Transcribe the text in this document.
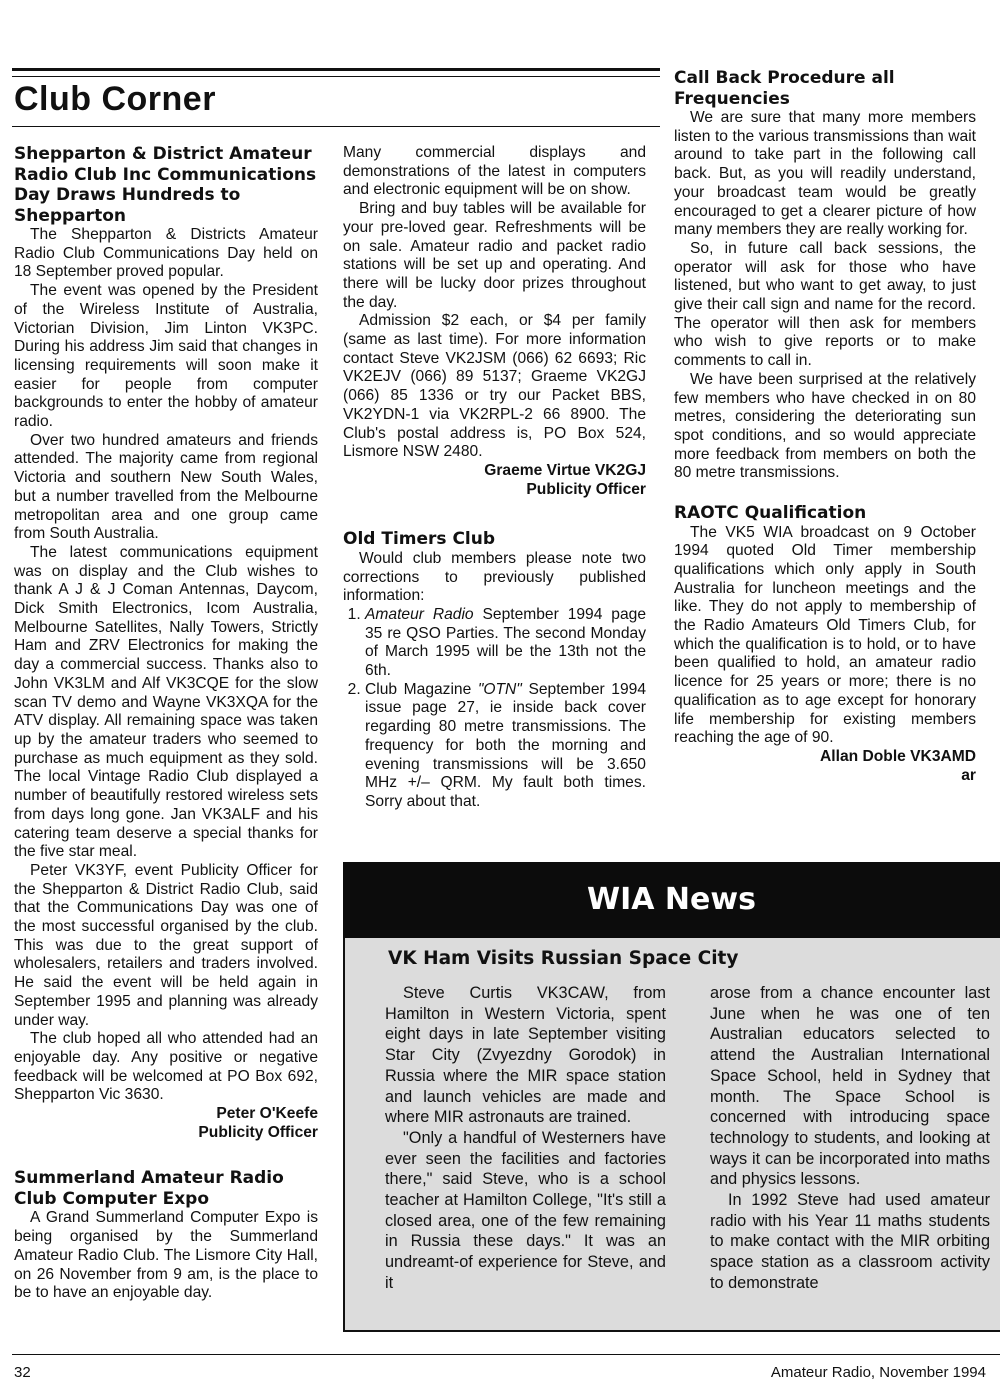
Club Corner
Shepparton & District Amateur Radio Club Inc Communications Day Draws Hundreds to Shepparton

The Shepparton & Districts Amateur Radio Club Communications Day held on 18 September proved popular.

The event was opened by the President of the Wireless Institute of Australia, Victorian Division, Jim Linton VK3PC. During his address Jim said that changes in licensing requirements will soon make it easier for people from computer backgrounds to enter the hobby of amateur radio.

Over two hundred amateurs and friends attended. The majority came from regional Victoria and southern New South Wales, but a number travelled from the Melbourne metropolitan area and one group came from South Australia.

The latest communications equipment was on display and the Club wishes to thank A J & J Coman Antennas, Daycom, Dick Smith Electronics, Icom Australia, Melbourne Satellites, Nally Towers, Strictly Ham and ZRV Electronics for making the day a commercial success. Thanks also to John VK3LM and Alf VK3CQE for the slow scan TV demo and Wayne VK3XQA for the ATV display. All remaining space was taken up by the amateur traders who seemed to purchase as much equipment as they sold. The local Vintage Radio Club displayed a number of beautifully restored wireless sets from days long gone. Jan VK3ALF and his catering team deserve a special thanks for the five star meal.

Peter VK3YF, event Publicity Officer for the Shepparton & District Radio Club, said that the Communications Day was one of the most successful organised by the club. This was due to the great support of wholesalers, retailers and traders involved. He said the event will be held again in September 1995 and planning was already under way.

The club hoped all who attended had an enjoyable day. Any positive or negative feedback will be welcomed at PO Box 692, Shepparton Vic 3630.

Peter O'Keefe

Publicity Officer

Summerland Amateur Radio Club Computer Expo

A Grand Summerland Computer Expo is being organised by the Summerland Amateur Radio Club. The Lismore City Hall, on 26 November from 9 am, is the place to be to have an enjoyable day.

Many commercial displays and demonstrations of the latest in computers and electronic equipment will be on show.

Bring and buy tables will be available for your pre-loved gear. Refreshments will be on sale. Amateur radio and packet radio stations will be set up and operating. And there will be lucky door prizes throughout the day.

Admission $2 each, or $4 per family (same as last time). For more information contact Steve VK2JSM (066) 62 6693; Ric VK2EJV (066) 89 5137; Graeme VK2GJ (066) 85 1336 or try our Packet BBS, VK2YDN-1 via VK2RPL-2 66 8900. The Club's postal address is, PO Box 524, Lismore NSW 2480.

Graeme Virtue VK2GJ

Publicity Officer

Old Timers Club

Would club members please note two corrections to previously published information:

1. Amateur Radio September 1994 page 35 re QSO Parties. The second Monday of March 1995 will be the 13th not the 6th.
2. Club Magazine "OTN" September 1994 issue page 27, ie inside back cover regarding 80 metre transmissions. The frequency for both the morning and evening transmissions will be 3.650 MHz +/– QRM. My fault both times. Sorry about that.
Call Back Procedure all Frequencies

We are sure that many more members listen to the various transmissions than wait around to take part in the following call back. But, as you will readily understand, your broadcast team would be greatly encouraged to get a clearer picture of how many members they are really working for.

So, in future call back sessions, the operator will ask for those who have listened, but who want to get away, to just give their call sign and name for the record. The operator will then ask for members who wish to give reports or to make comments to call in.

We have been surprised at the relatively few members who have checked in on 80 metres, considering the deteriorating sun spot conditions, and so would appreciate more feedback from members on both the 80 metre transmissions.

RAOTC Qualification

The VK5 WIA broadcast on 9 October 1994 quoted Old Timer membership qualifications which only apply in South Australia for luncheon meetings and the like. They do not apply to membership of the Radio Amateurs Old Timers Club, for which the qualification is to hold, or to have been qualified to hold, an amateur radio licence for 25 years or more; there is no qualification as to age except for honorary life membership for existing members reaching the age of 90.

Allan Doble VK3AMD

ar

WIA News
VK Ham Visits Russian Space City

Steve Curtis VK3CAW, from Hamilton in Western Victoria, spent eight days in late September visiting Star City (Zvyezdny Gorodok) in Russia where the MIR space station and launch vehicles are made and where MIR astronauts are trained.

"Only a handful of Westerners have ever seen the facilities and factories there," said Steve, who is a school teacher at Hamilton College, "It's still a closed area, one of the few remaining in Russia these days." It was an undreamt-of experience for Steve, and it

arose from a chance encounter last June when he was one of ten Australian educators selected to attend the Australian International Space School, held in Sydney that month. The Space School is concerned with introducing space technology to students, and looking at ways it can be incorporated into maths and physics lessons.

In 1992 Steve had used amateur radio with his Year 11 maths students to make contact with the MIR orbiting space station as a classroom activity to demonstrate

32	Amateur Radio, November 1994
